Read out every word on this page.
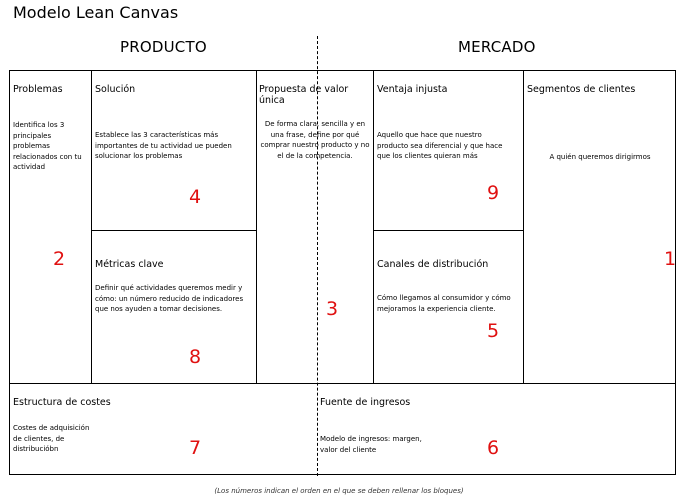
Modelo Lean Canvas
PRODUCTO	MERCADO
Problemas
Identifica los 3 principales problemas relacionados con tu actividad
2
Solución
Establece las 3 características más importantes de tu actividad ue pueden solucionar los problemas
4
Métricas clave
Definir qué actividades queremos medir y cómo: un número reducido de indicadores que nos ayuden a tomar decisiones.
8
Propuesta de valor única
De forma clara, sencilla y en una frase, define por qué comprar nuestro producto y no el de la competencia.
3
Ventaja injusta
Aquello que hace que nuestro producto sea diferencial y que hace que los clientes quieran más
9
Canales de distribución
Cómo llegamos al consumidor y cómo mejoramos la experiencia cliente.
5
Segmentos de clientes
A quién queremos dirigirmos
1
Estructura de costes
Costes de adquisición de clientes, de distribucióbn	7
Fuente de ingresos
Modelo de ingresos: margen, valor del cliente	6
(Los números indican el orden en el que se deben rellenar los bloques)
